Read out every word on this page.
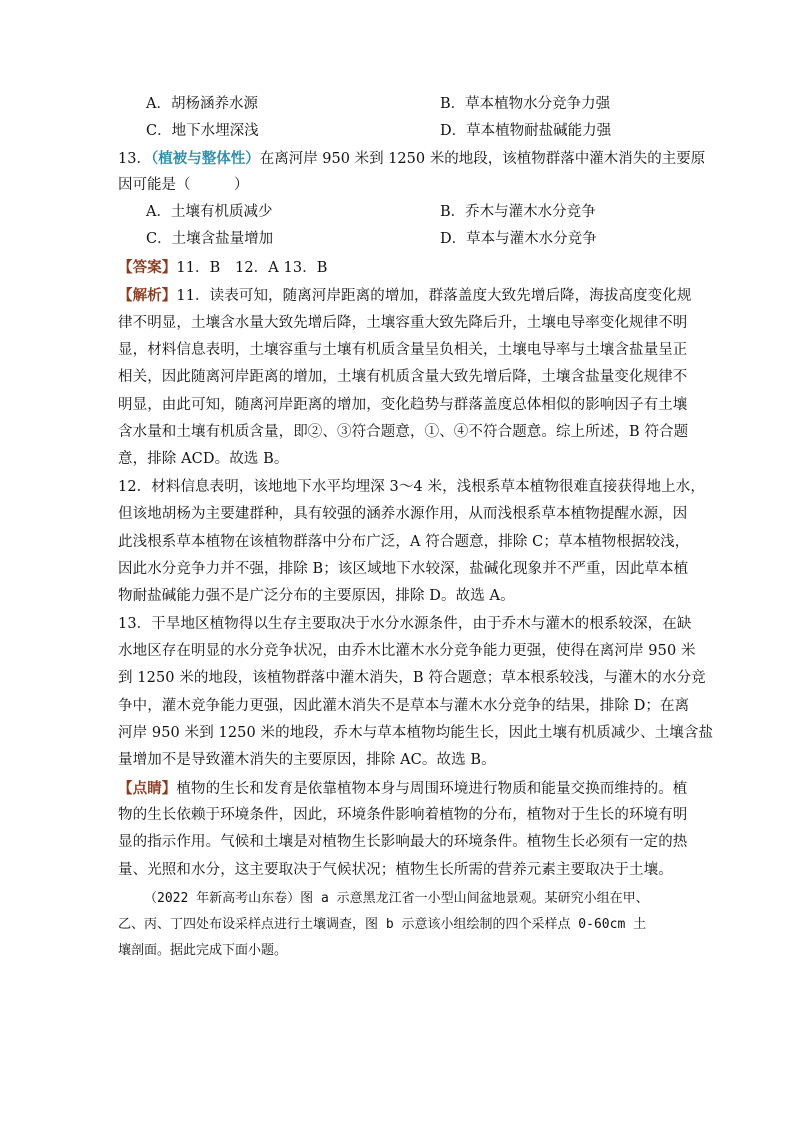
A．胡杨涵养水源	B．草本植物水分竞争力强
C．地下水埋深浅	D．草本植物耐盐碱能力强
13．（植被与整体性）在离河岸 950 米到 1250 米的地段，该植物群落中灌木消失的主要原
因可能是（　　　）
A．土壤有机质减少	B．乔木与灌木水分竞争
C．土壤含盐量增加	D．草本与灌木水分竞争
【答案】11．B　12．A 13．B
【解析】11．读表可知，随离河岸距离的增加，群落盖度大致先增后降，海拔高度变化规
律不明显，土壤含水量大致先增后降，土壤容重大致先降后升，土壤电导率变化规律不明
显，材料信息表明，土壤容重与土壤有机质含量呈负相关，土壤电导率与土壤含盐量呈正
相关，因此随离河岸距离的增加，土壤有机质含量大致先增后降，土壤含盐量变化规律不
明显，由此可知，随离河岸距离的增加，变化趋势与群落盖度总体相似的影响因子有土壤
含水量和土壤有机质含量，即②、③符合题意，①、④不符合题意。综上所述，B 符合题
意，排除 ACD。故选 B。
12．材料信息表明，该地地下水平均埋深 3～4 米，浅根系草本植物很难直接获得地上水，
但该地胡杨为主要建群种，具有较强的涵养水源作用，从而浅根系草本植物提醒水源，因
此浅根系草本植物在该植物群落中分布广泛，A 符合题意，排除 C；草本植物根据较浅，
因此水分竞争力并不强，排除 B；该区域地下水较深，盐碱化现象并不严重，因此草本植
物耐盐碱能力强不是广泛分布的主要原因，排除 D。故选 A。
13．干旱地区植物得以生存主要取决于水分水源条件，由于乔木与灌木的根系较深，在缺
水地区存在明显的水分竞争状况，由乔木比灌木水分竞争能力更强，使得在离河岸 950 米
到 1250 米的地段，该植物群落中灌木消失，B 符合题意；草本根系较浅，与灌木的水分竞
争中，灌木竞争能力更强，因此灌木消失不是草本与灌木水分竞争的结果，排除 D；在离
河岸 950 米到 1250 米的地段，乔木与草本植物均能生长，因此土壤有机质减少、土壤含盐
量增加不是导致灌木消失的主要原因，排除 AC。故选 B。
【点睛】植物的生长和发育是依靠植物本身与周围环境进行物质和能量交换而维持的。植
物的生长依赖于环境条件，因此，环境条件影响着植物的分布，植物对于生长的环境有明
显的指示作用。气候和土壤是对植物生长影响最大的环境条件。植物生长必须有一定的热
量、光照和水分，这主要取决于气候状况；植物生长所需的营养元素主要取决于土壤。
（2022 年新高考山东卷）图 a 示意黑龙江省一小型山间盆地景观。某研究小组在甲、
乙、丙、丁四处布设采样点进行土壤调查，图 b 示意该小组绘制的四个采样点 0-60cm 土
壤剖面。据此完成下面小题。
